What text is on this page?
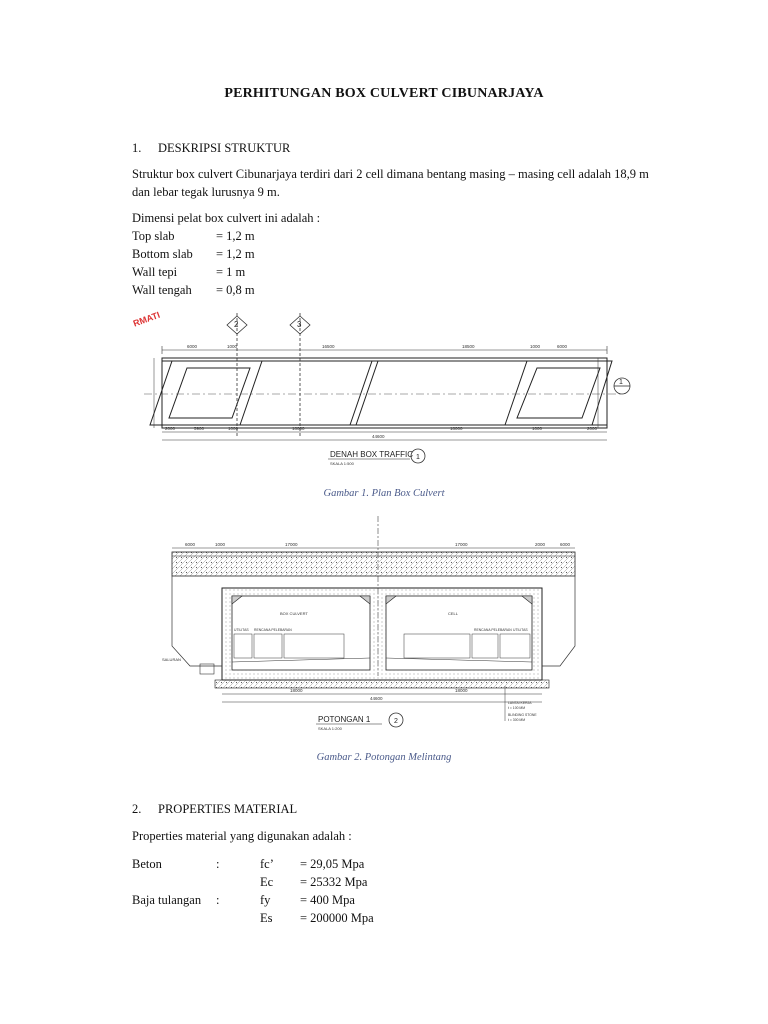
PERHITUNGAN BOX CULVERT CIBUNARJAYA
1. DESKRIPSI STRUKTUR
Struktur box culvert Cibunarjaya terdiri dari 2 cell dimana bentang masing – masing cell adalah 18,9 m dan lebar tegak lurusnya 9 m.
Dimensi pelat box culvert ini adalah :
Top slab	= 1,2 m
Bottom slab = 1,2 m
Wall tepi	= 1 m
Wall tengah = 0,8 m
RMATI	2	3
6000	1000	16500	18500	1000	6000
1
2000	5900	1000	18000	18000	1000	2000
44600
DENAH BOX TRAFFIC
SKALA 1:500
1
Gambar 1. Plan Box Culvert
6000	1000	17000	17000	2000	6000
BOX CULVERT	CELL
UTILITAS RENCANA PELEBARAN	UTILITAS
RENCANA PELEBARAN
SALURAN
LANTAI KERJA
t = 100 MM
BLINDING STONE
t = 300 MM
18000	18000
44600
POTONGAN 1
SKALA 1:200
2
Gambar 2. Potongan Melintang
2. PROPERTIES MATERIAL
Properties material yang digunakan adalah :
Beton	:	fc’ = 29,05 Mpa
Ec = 25332 Mpa
Baja tulangan :	fy = 400 Mpa
Es = 200000 Mpa
